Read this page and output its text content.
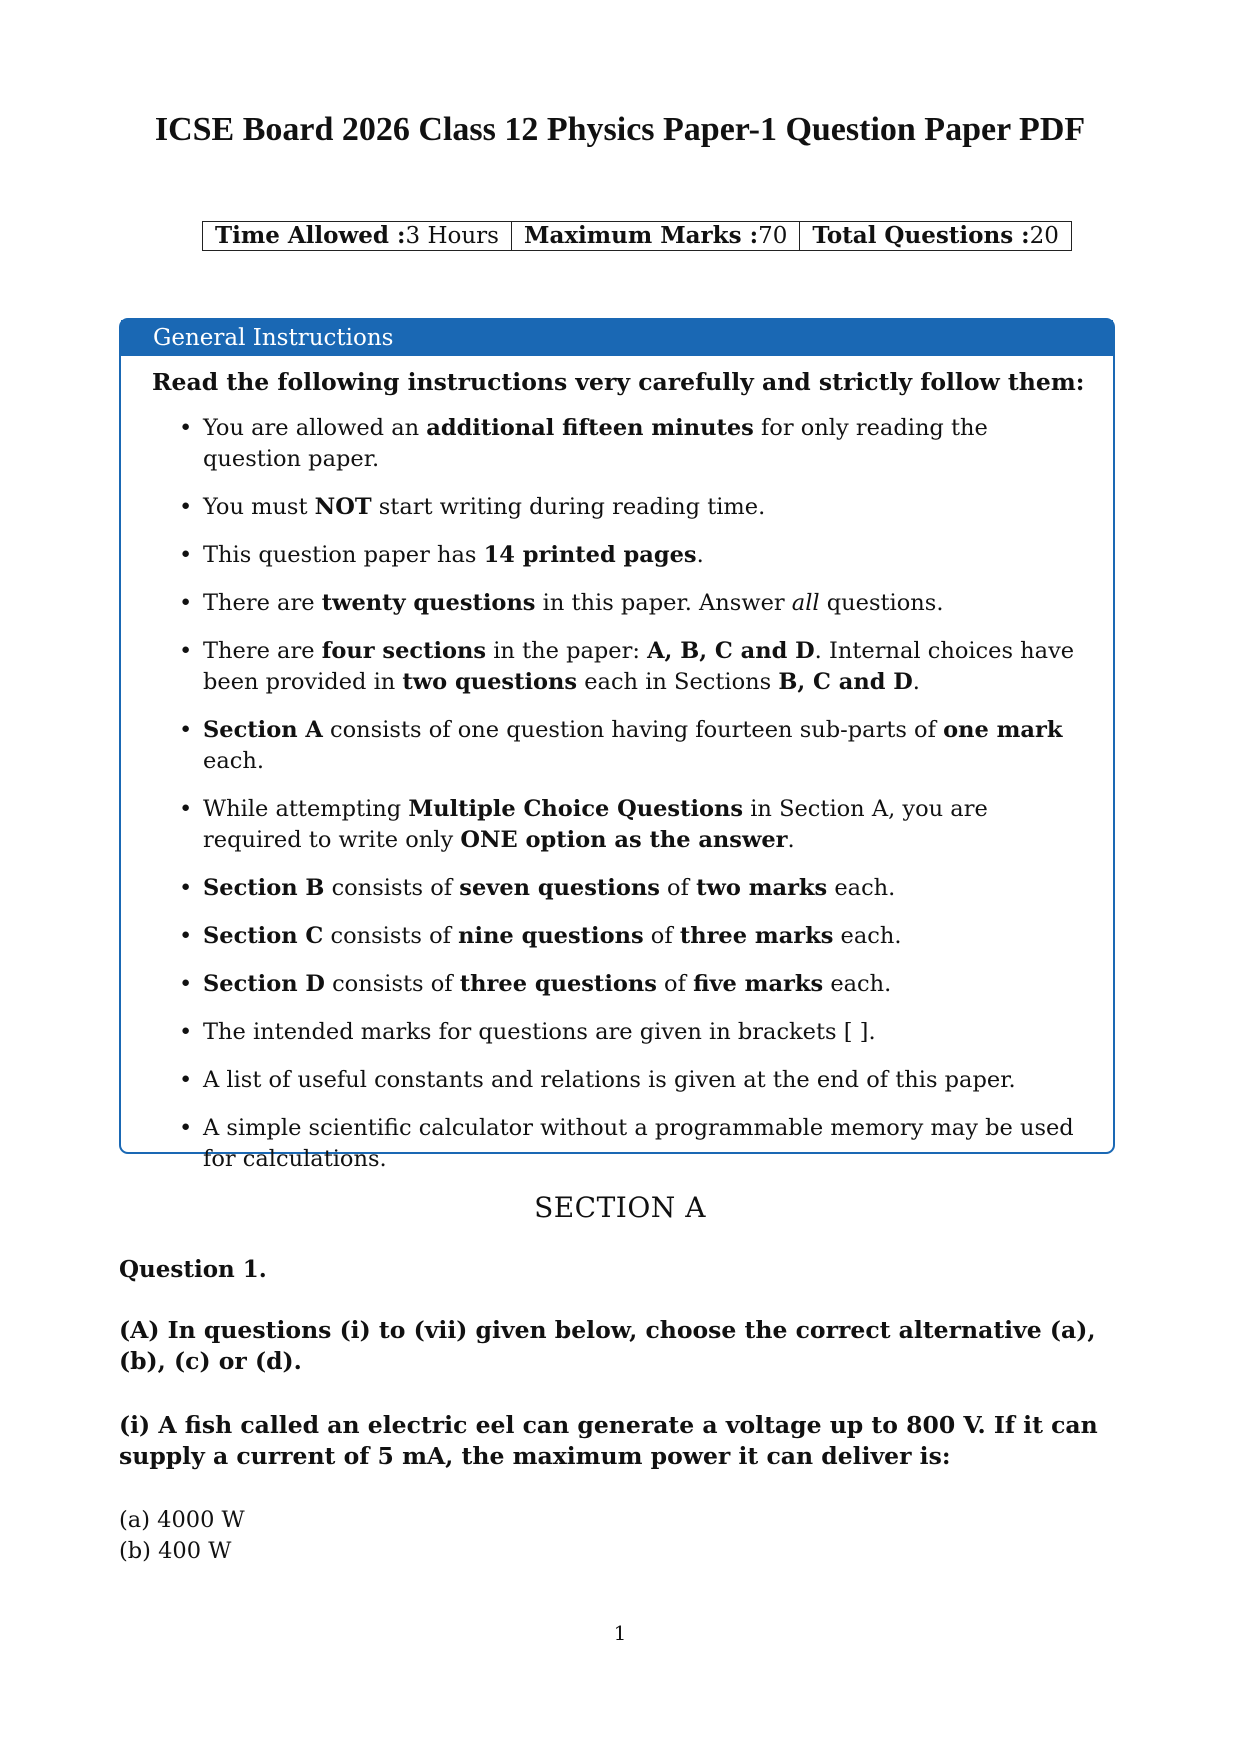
ICSE Board 2026 Class 12 Physics Paper-1 Question Paper PDF
Time Allowed :3 Hours	Maximum Marks :70	Total Questions :20
General Instructions
Read the following instructions very carefully and strictly follow them:
• You are allowed an additional fifteen minutes for only reading the question paper.
• You must NOT start writing during reading time.
• This question paper has 14 printed pages.
• There are twenty questions in this paper. Answer all questions.
• There are four sections in the paper: A, B, C and D. Internal choices have been provided in two questions each in Sections B, C and D.
• Section A consists of one question having fourteen sub-parts of one mark each.
• While attempting Multiple Choice Questions in Section A, you are required to write only ONE option as the answer.
• Section B consists of seven questions of two marks each.
• Section C consists of nine questions of three marks each.
• Section D consists of three questions of five marks each.
• The intended marks for questions are given in brackets [ ].
• A list of useful constants and relations is given at the end of this paper.
• A simple scientific calculator without a programmable memory may be used for calculations.
SECTION A
Question 1.
(A) In questions (i) to (vii) given below, choose the correct alternative (a), (b), (c) or (d).
(i) A fish called an electric eel can generate a voltage up to 800 V. If it can supply a current of 5 mA, the maximum power it can deliver is:
(a) 4000 W
(b) 400 W
1
